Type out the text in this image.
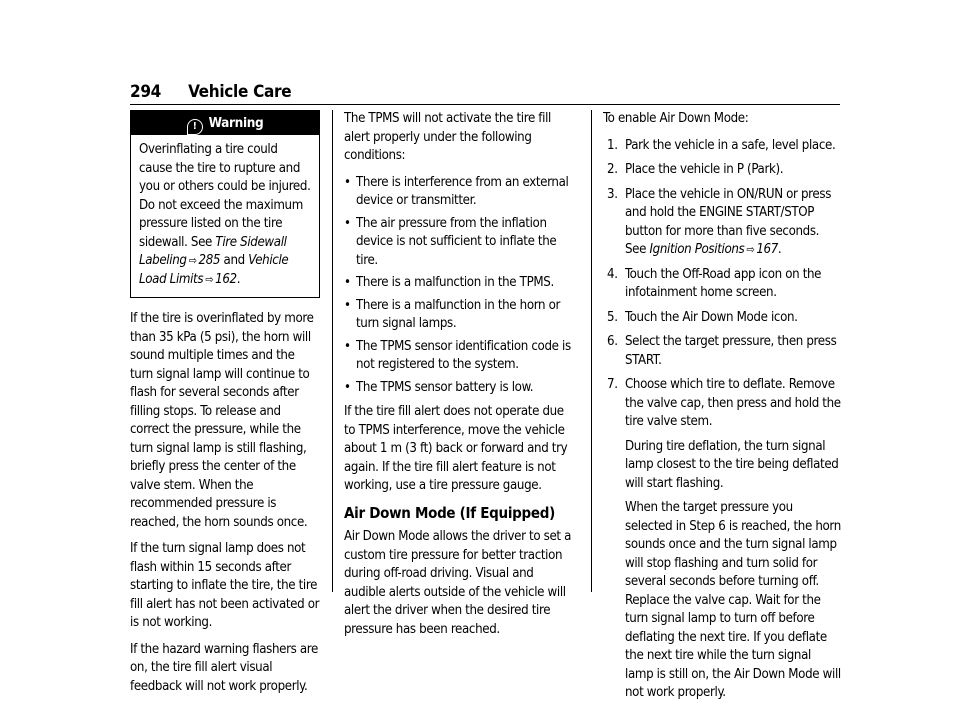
294 Vehicle Care
! Warning
Overinflating a tire could cause the tire to rupture and you or others could be injured. Do not exceed the maximum pressure listed on the tire sidewall. See Tire Sidewall Labeling ⇨ 285 and Vehicle Load Limits ⇨ 162.

If the tire is overinflated by more than 35 kPa (5 psi), the horn will sound multiple times and the turn signal lamp will continue to flash for several seconds after filling stops. To release and correct the pressure, while the turn signal lamp is still flashing, briefly press the center of the valve stem. When the recommended pressure is reached, the horn sounds once.

If the turn signal lamp does not flash within 15 seconds after starting to inflate the tire, the tire fill alert has not been activated or is not working.

If the hazard warning flashers are on, the tire fill alert visual feedback will not work properly.

The TPMS will not activate the tire fill alert properly under the following conditions:

• There is interference from an external device or transmitter.
• The air pressure from the inflation device is not sufficient to inflate the tire.
• There is a malfunction in the TPMS.
• There is a malfunction in the horn or turn signal lamps.
• The TPMS sensor identification code is not registered to the system.
• The TPMS sensor battery is low.

If the tire fill alert does not operate due to TPMS interference, move the vehicle about 1 m (3 ft) back or forward and try again. If the tire fill alert feature is not working, use a tire pressure gauge.

Air Down Mode (If Equipped)

Air Down Mode allows the driver to set a custom tire pressure for better traction during off-road driving. Visual and audible alerts outside of the vehicle will alert the driver when the desired tire pressure has been reached.

To enable Air Down Mode:

1. Park the vehicle in a safe, level place.
2. Place the vehicle in P (Park).
3. Place the vehicle in ON/RUN or press and hold the ENGINE START/STOP button for more than five seconds. See Ignition Positions ⇨ 167.
4. Touch the Off-Road app icon on the infotainment home screen.
5. Touch the Air Down Mode icon.
6. Select the target pressure, then press START.
7. Choose which tire to deflate. Remove the valve cap, then press and hold the tire valve stem.
During tire deflation, the turn signal lamp closest to the tire being deflated will start flashing.
When the target pressure you selected in Step 6 is reached, the horn sounds once and the turn signal lamp will stop flashing and turn solid for several seconds before turning off. Replace the valve cap. Wait for the turn signal lamp to turn off before deflating the next tire. If you deflate the next tire while the turn signal lamp is still on, the Air Down Mode will not work properly.
